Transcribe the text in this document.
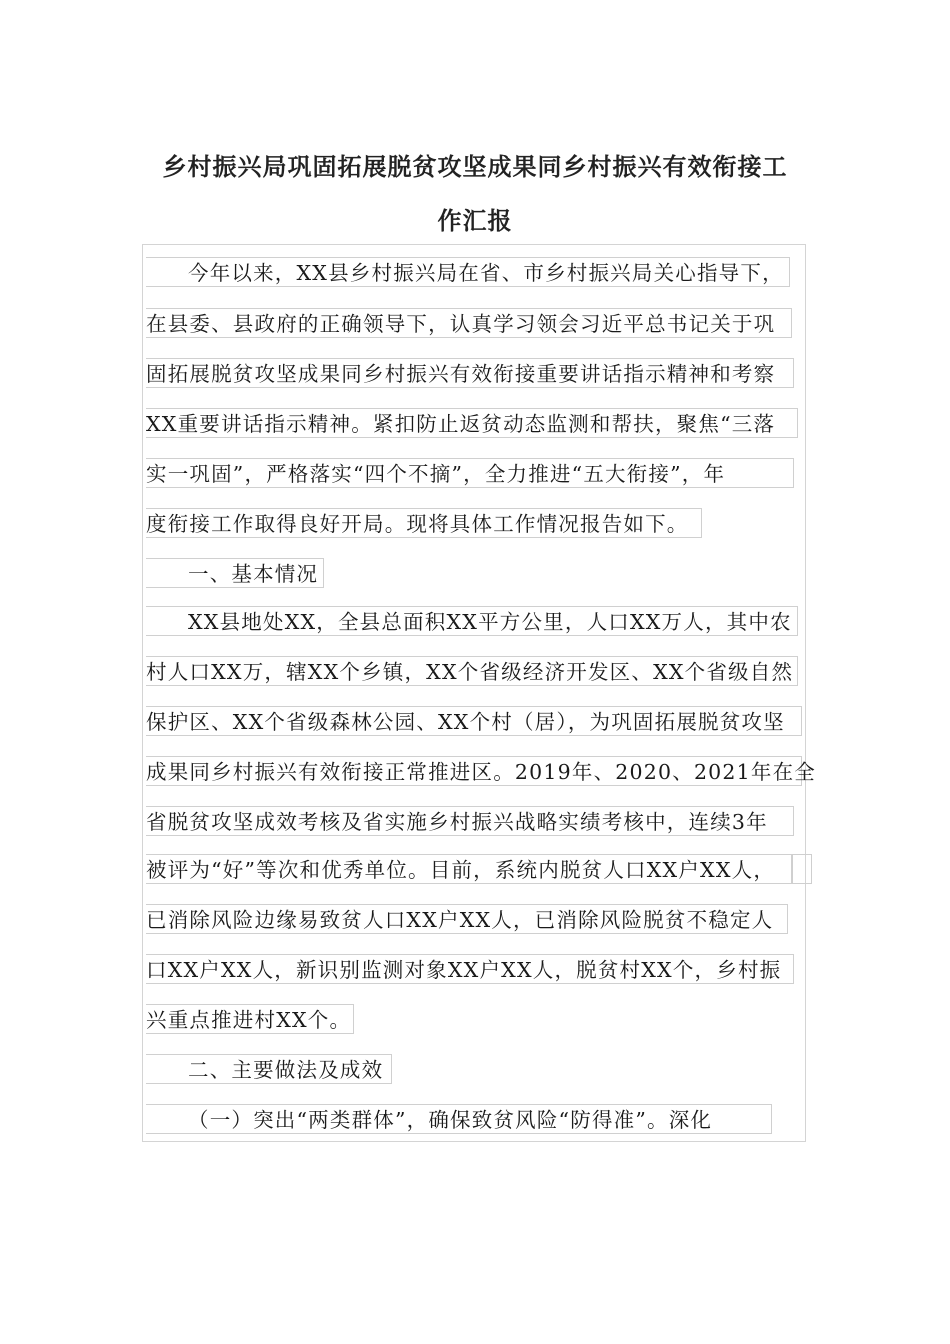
乡村振兴局巩固拓展脱贫攻坚成果同乡村振兴有效衔接工
作汇报
今年以来，XX县乡村振兴局在省、市乡村振兴局关心指导下，
在县委、县政府的正确领导下，认真学习领会习近平总书记关于巩
固拓展脱贫攻坚成果同乡村振兴有效衔接重要讲话指示精神和考察
XX重要讲话指示精神。紧扣防止返贫动态监测和帮扶，聚焦“三落
实一巩固”，严格落实“四个不摘”，全力推进“五大衔接”，年
度衔接工作取得良好开局。现将具体工作情况报告如下。
一、基本情况
XX县地处XX，全县总面积XX平方公里，人口XX万人，其中农
村人口XX万，辖XX个乡镇，XX个省级经济开发区、XX个省级自然
保护区、XX个省级森林公园、XX个村（居），为巩固拓展脱贫攻坚
成果同乡村振兴有效衔接正常推进区。2019年、2020、2021年在全
省脱贫攻坚成效考核及省实施乡村振兴战略实绩考核中，连续3年
被评为“好”等次和优秀单位。目前，系统内脱贫人口XX户XX人，
已消除风险边缘易致贫人口XX户XX人，已消除风险脱贫不稳定人
口XX户XX人，新识别监测对象XX户XX人，脱贫村XX个，乡村振
兴重点推进村XX个。
二、主要做法及成效
（一）突出“两类群体”，确保致贫风险“防得准”。深化
